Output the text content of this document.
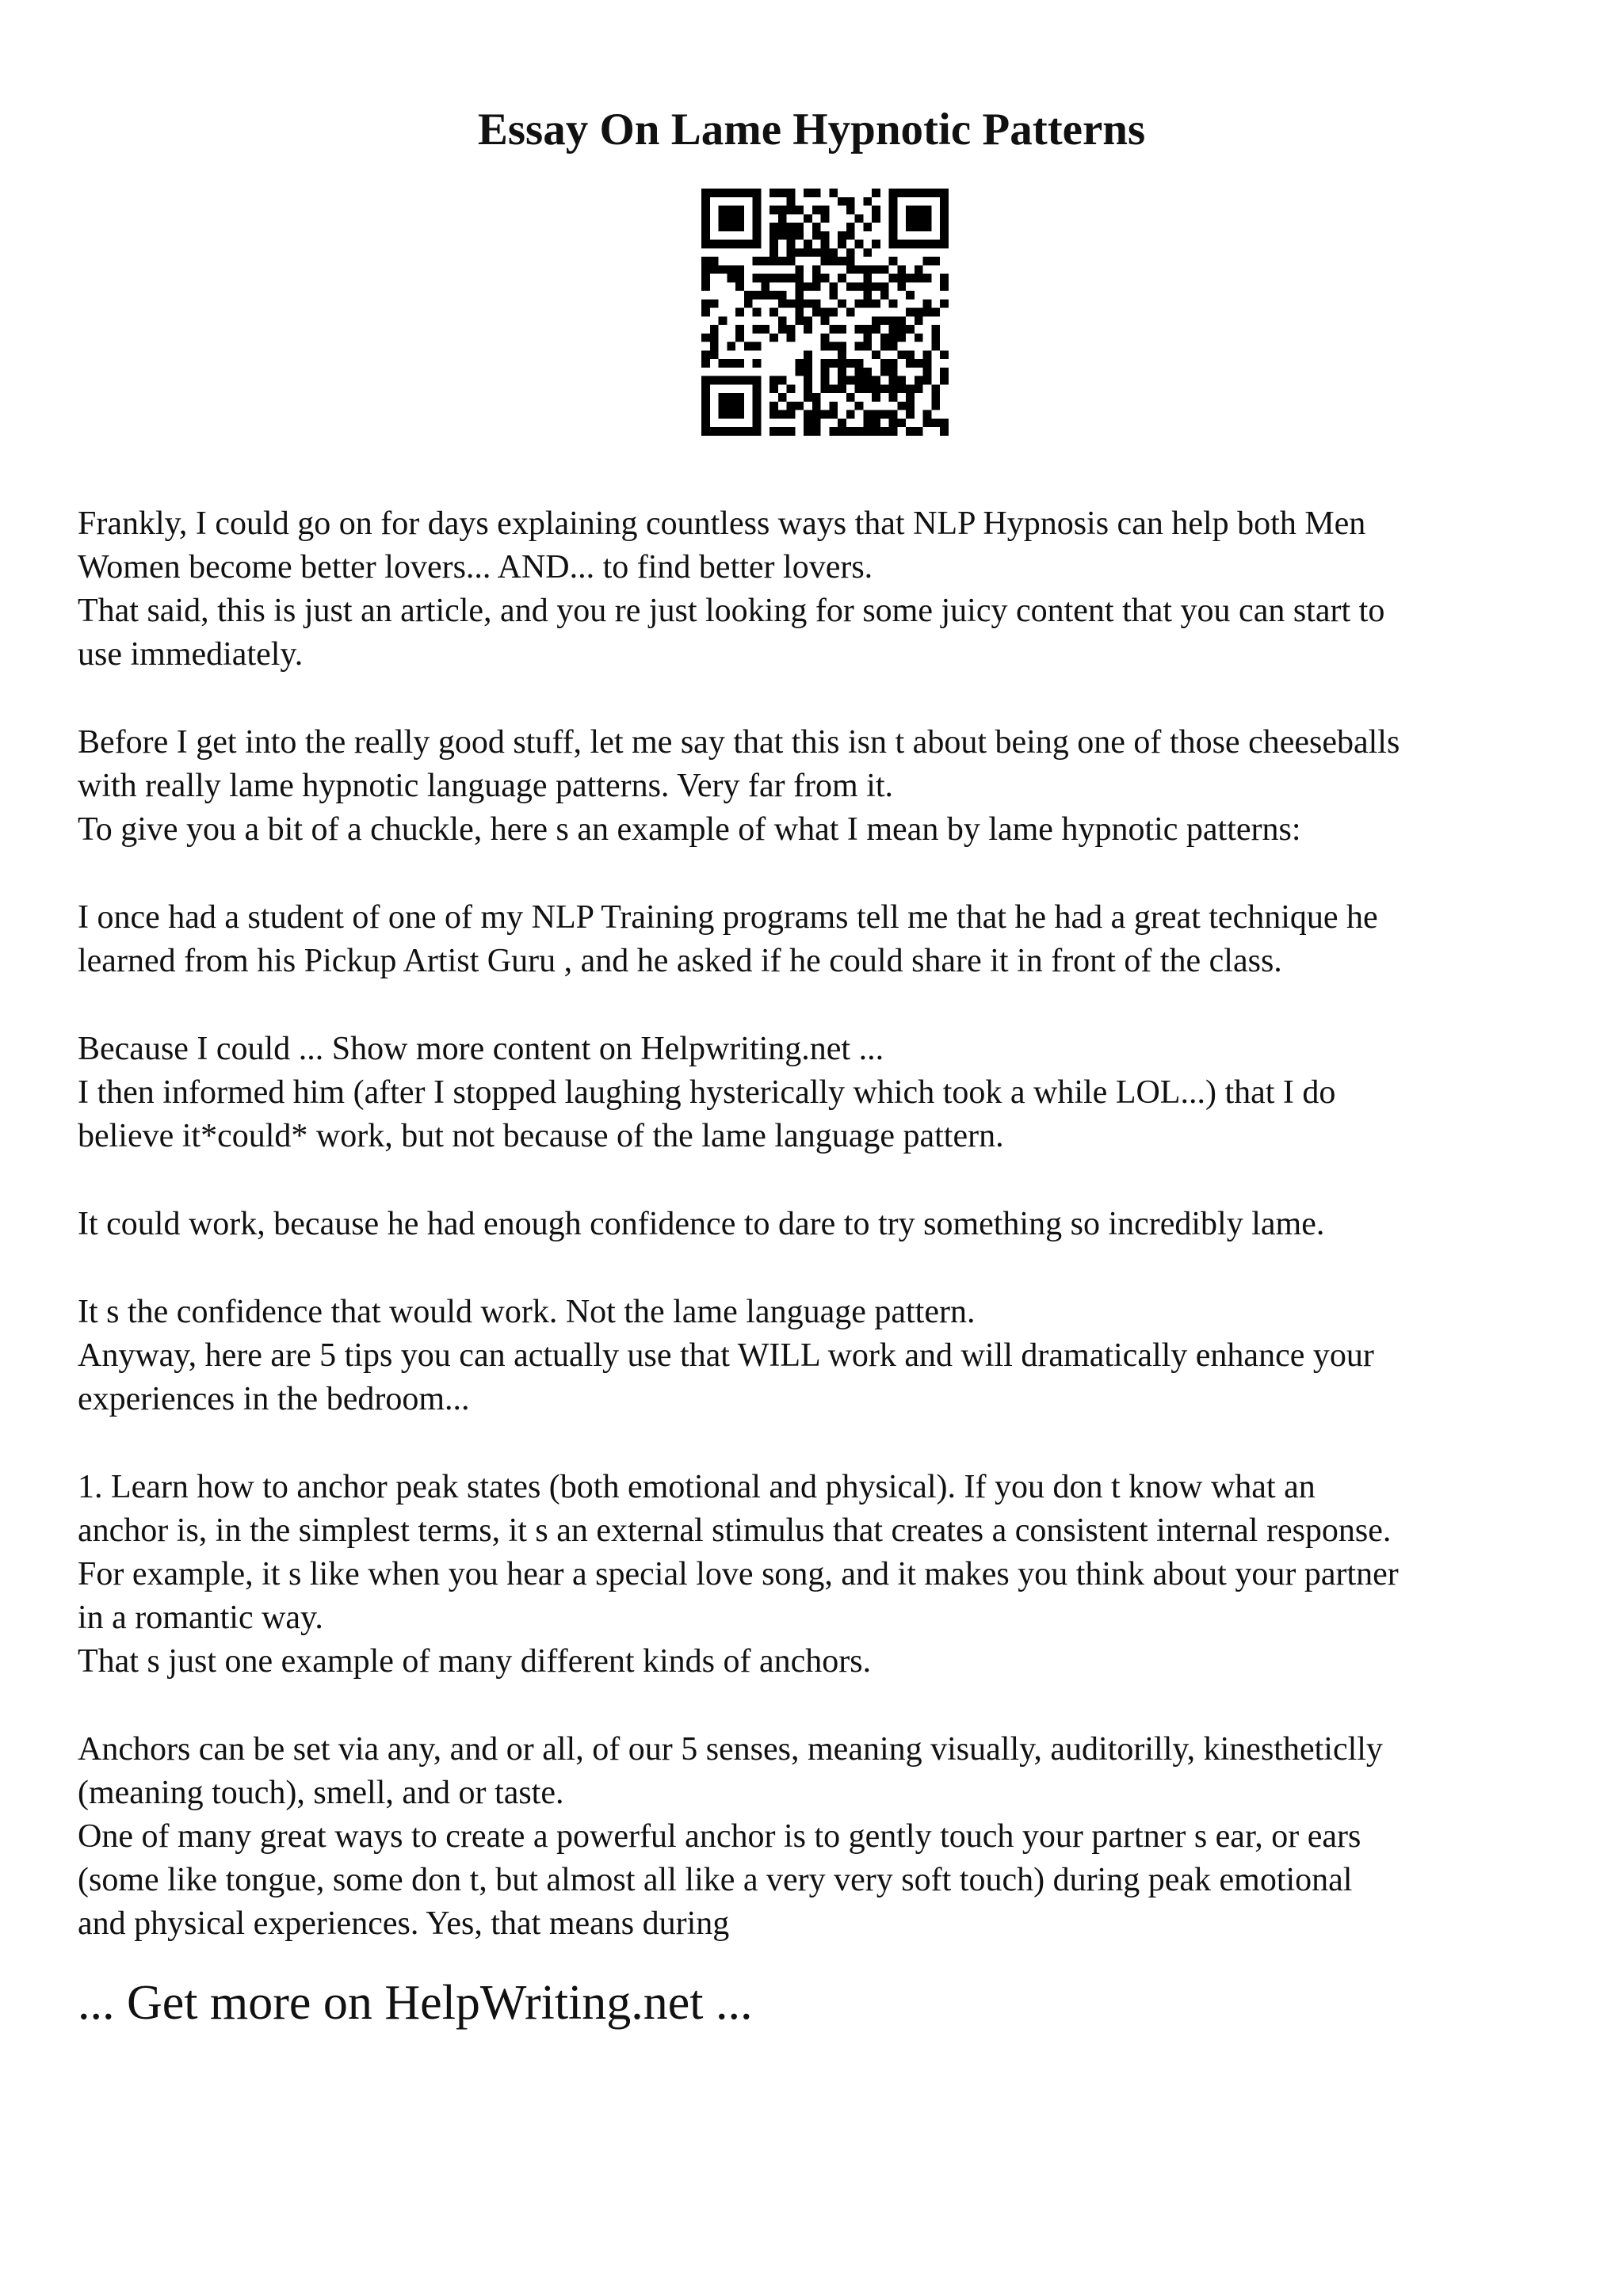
Essay On Lame Hypnotic Patterns

Frankly, I could go on for days explaining countless ways that NLP Hypnosis can help both Men
Women become better lovers... AND... to find better lovers.
That said, this is just an article, and you re just looking for some juicy content that you can start to
use immediately.

Before I get into the really good stuff, let me say that this isn t about being one of those cheeseballs
with really lame hypnotic language patterns. Very far from it.
To give you a bit of a chuckle, here s an example of what I mean by lame hypnotic patterns:

I once had a student of one of my NLP Training programs tell me that he had a great technique he
learned from his Pickup Artist Guru , and he asked if he could share it in front of the class.

Because I could ... Show more content on Helpwriting.net ...
I then informed him (after I stopped laughing hysterically which took a while LOL...) that I do
believe it*could* work, but not because of the lame language pattern.

It could work, because he had enough confidence to dare to try something so incredibly lame.

It s the confidence that would work. Not the lame language pattern.
Anyway, here are 5 tips you can actually use that WILL work and will dramatically enhance your
experiences in the bedroom...

1. Learn how to anchor peak states (both emotional and physical). If you don t know what an
anchor is, in the simplest terms, it s an external stimulus that creates a consistent internal response.
For example, it s like when you hear a special love song, and it makes you think about your partner
in a romantic way.
That s just one example of many different kinds of anchors.

Anchors can be set via any, and or all, of our 5 senses, meaning visually, auditorilly, kinestheticlly
(meaning touch), smell, and or taste.
One of many great ways to create a powerful anchor is to gently touch your partner s ear, or ears
(some like tongue, some don t, but almost all like a very very soft touch) during peak emotional
and physical experiences. Yes, that means during

... Get more on HelpWriting.net ...
